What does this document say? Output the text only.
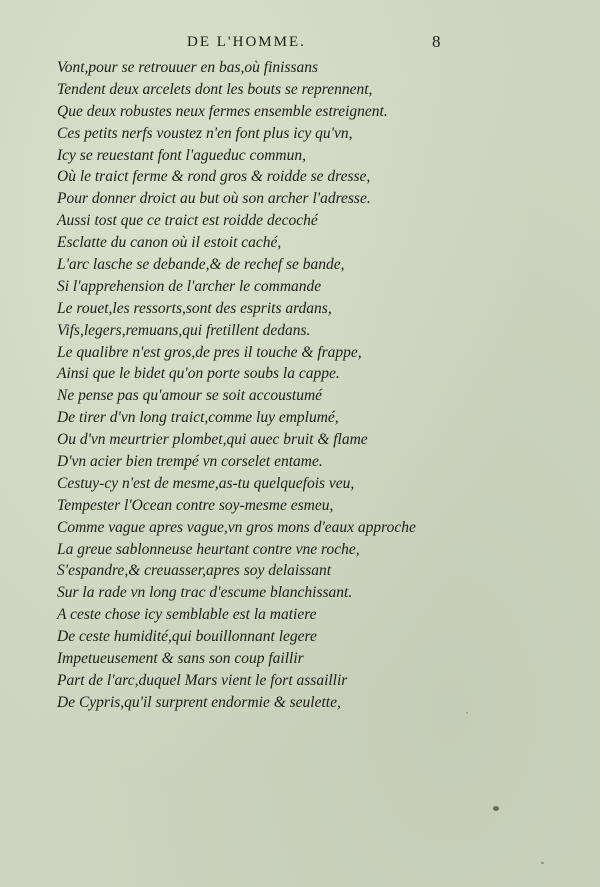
DE L'HOMME.	8
Vont,pour se retrouuer en bas,où finissans
Tendent deux arcelets dont les bouts se reprennent,
Que deux robustes neux fermes ensemble estreignent.
Ces petits nerfs voustez n'en font plus icy qu'vn,
Icy se reuestant font l'agueduc commun,
Où le traict ferme & rond gros & roidde se dresse,
Pour donner droict au but où son archer l'adresse.
Aussi tost que ce traict est roidde decoché
Esclatte du canon où il estoit caché,
L'arc lasche se debande,& de rechef se bande,
Si l'apprehension de l'archer le commande
Le rouet,les ressorts,sont des esprits ardans,
Vifs,legers,remuans,qui fretillent dedans.
Le qualibre n'est gros,de pres il touche & frappe,
Ainsi que le bidet qu'on porte soubs la cappe.
Ne pense pas qu'amour se soit accoustumé
De tirer d'vn long traict,comme luy emplumé,
Ou d'vn meurtrier plombet,qui auec bruit & flame
D'vn acier bien trempé vn corselet entame.
Cestuy-cy n'est de mesme,as-tu quelquefois veu,
Tempester l'Ocean contre soy-mesme esmeu,
Comme vague apres vague,vn gros mons d'eaux approche
La greue sablonneuse heurtant contre vne roche,
S'espandre,& creuasser,apres soy delaissant
Sur la rade vn long trac d'escume blanchissant.
A ceste chose icy semblable est la matiere
De ceste humidité,qui bouillonnant legere
Impetueusement & sans son coup faillir
Part de l'arc,duquel Mars vient le fort assaillir
De Cypris,qu'il surprent endormie & seulette,
